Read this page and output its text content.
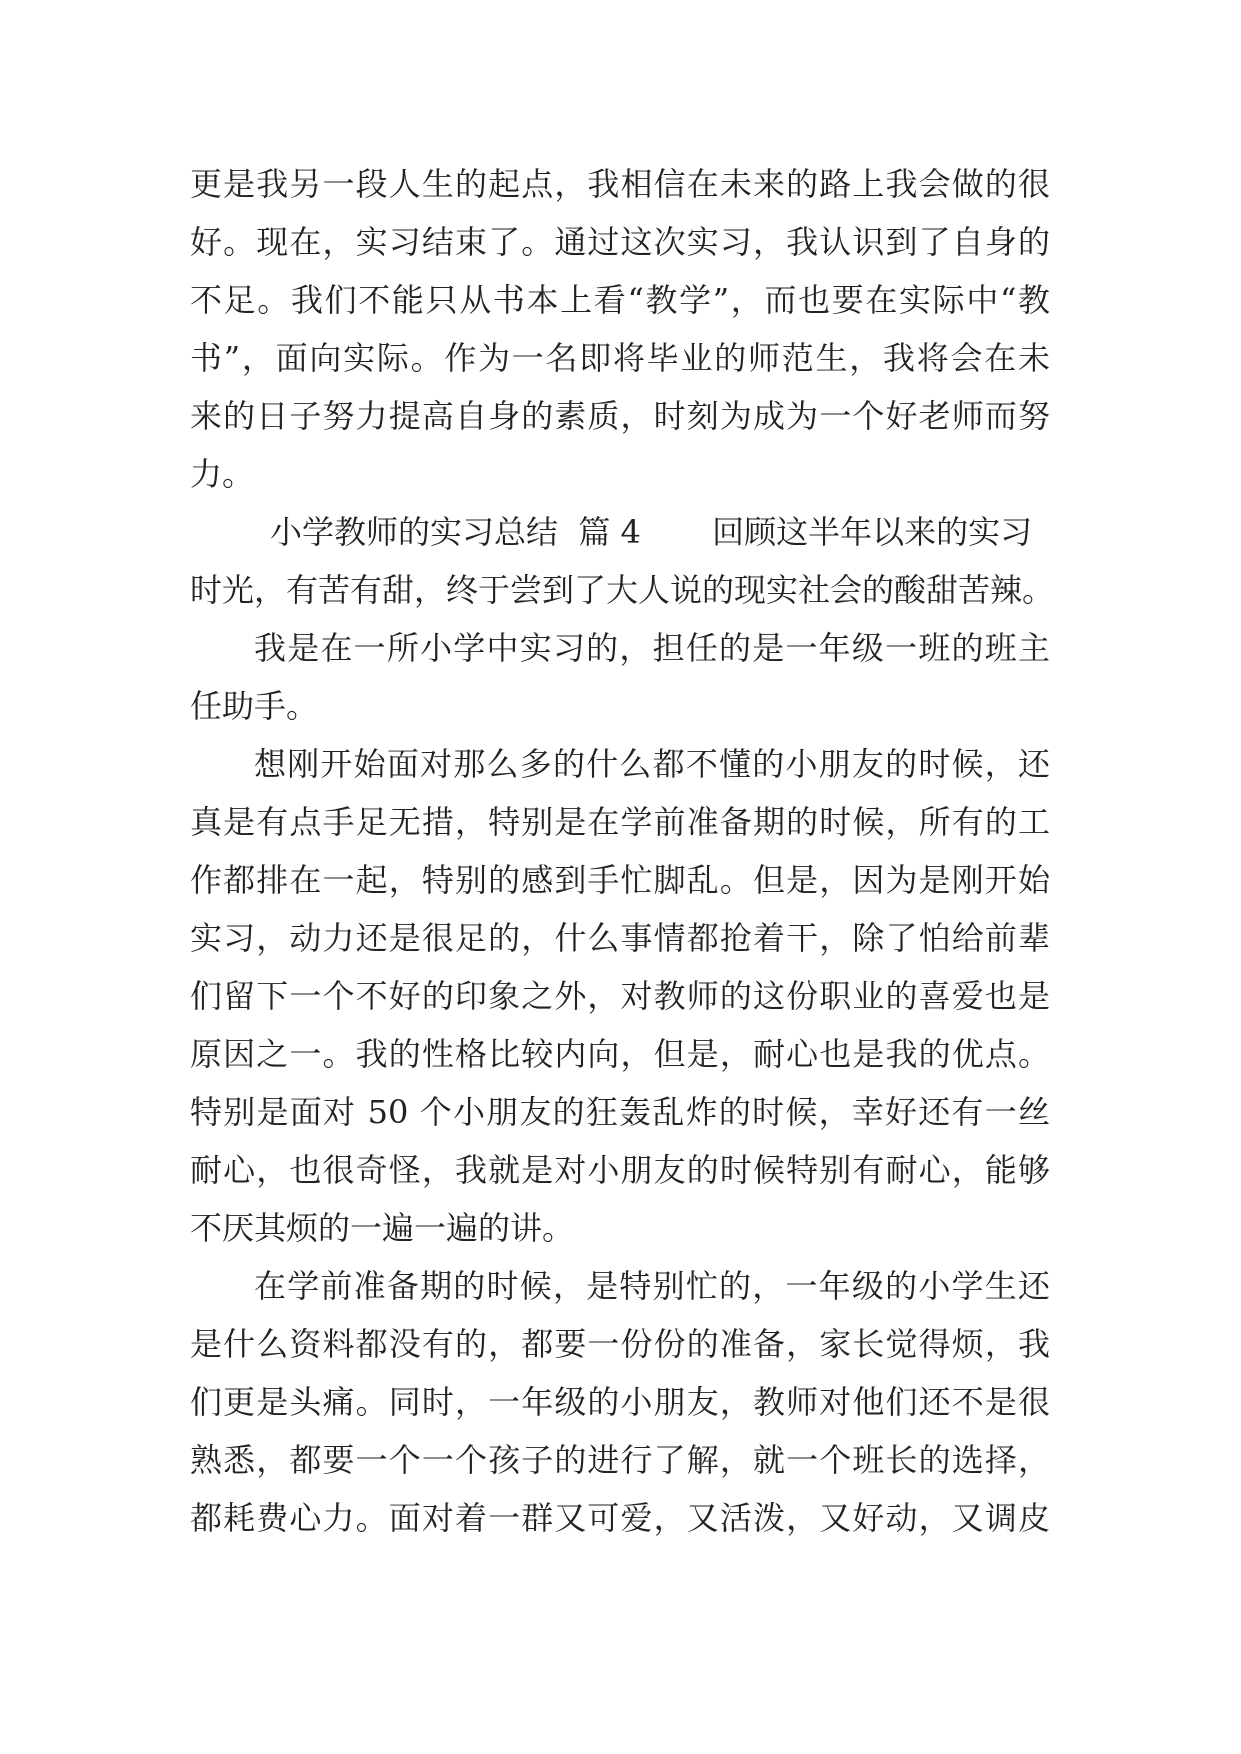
更是我另一段人生的起点，我相信在未来的路上我会做的很
好。现在，实习结束了。通过这次实习，我认识到了自身的
不足。我们不能只从书本上看“教学”，而也要在实际中“教
书”，面向实际。作为一名即将毕业的师范生，我将会在未
来的日子努力提高自身的素质，时刻为成为一个好老师而努
力。
小学教师的实习总结  篇 4       回顾这半年以来的实习
时光，有苦有甜，终于尝到了大人说的现实社会的酸甜苦辣。
我是在一所小学中实习的，担任的是一年级一班的班主
任助手。
想刚开始面对那么多的什么都不懂的小朋友的时候，还
真是有点手足无措，特别是在学前准备期的时候，所有的工
作都排在一起，特别的感到手忙脚乱。但是，因为是刚开始
实习，动力还是很足的，什么事情都抢着干，除了怕给前辈
们留下一个不好的印象之外，对教师的这份职业的喜爱也是
原因之一。我的性格比较内向，但是，耐心也是我的优点。
特别是面对 50 个小朋友的狂轰乱炸的时候，幸好还有一丝
耐心，也很奇怪，我就是对小朋友的时候特别有耐心，能够
不厌其烦的一遍一遍的讲。
在学前准备期的时候，是特别忙的，一年级的小学生还
是什么资料都没有的，都要一份份的准备，家长觉得烦，我
们更是头痛。同时，一年级的小朋友，教师对他们还不是很
熟悉，都要一个一个孩子的进行了解，就一个班长的选择，
都耗费心力。面对着一群又可爱，又活泼，又好动，又调皮
